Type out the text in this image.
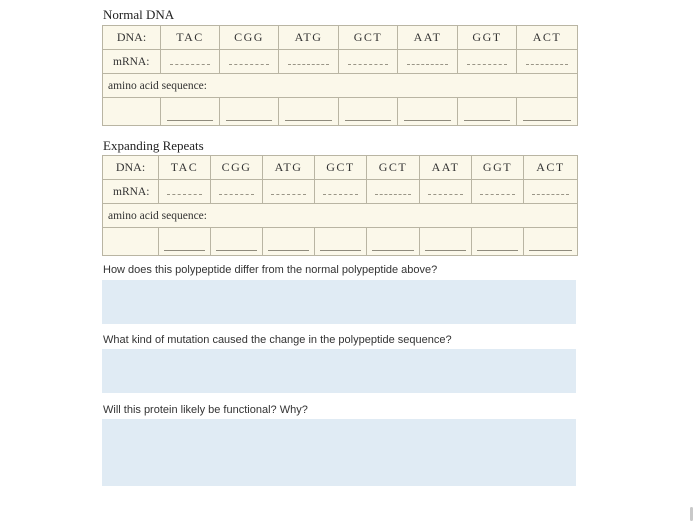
Normal DNA
DNA:	TAC	CGG	ATG	GCT	AAT	GGT	ACT
mRNA:							
amino acid sequence:							

Expanding Repeats
DNA:	TAC	CGG	ATG	GCT	GCT	AAT	GGT	ACT
mRNA:								
amino acid sequence:								

How does this polypeptide differ from the normal polypeptide above?
What kind of mutation caused the change in the polypeptide sequence?
Will this protein likely be functional? Why?
